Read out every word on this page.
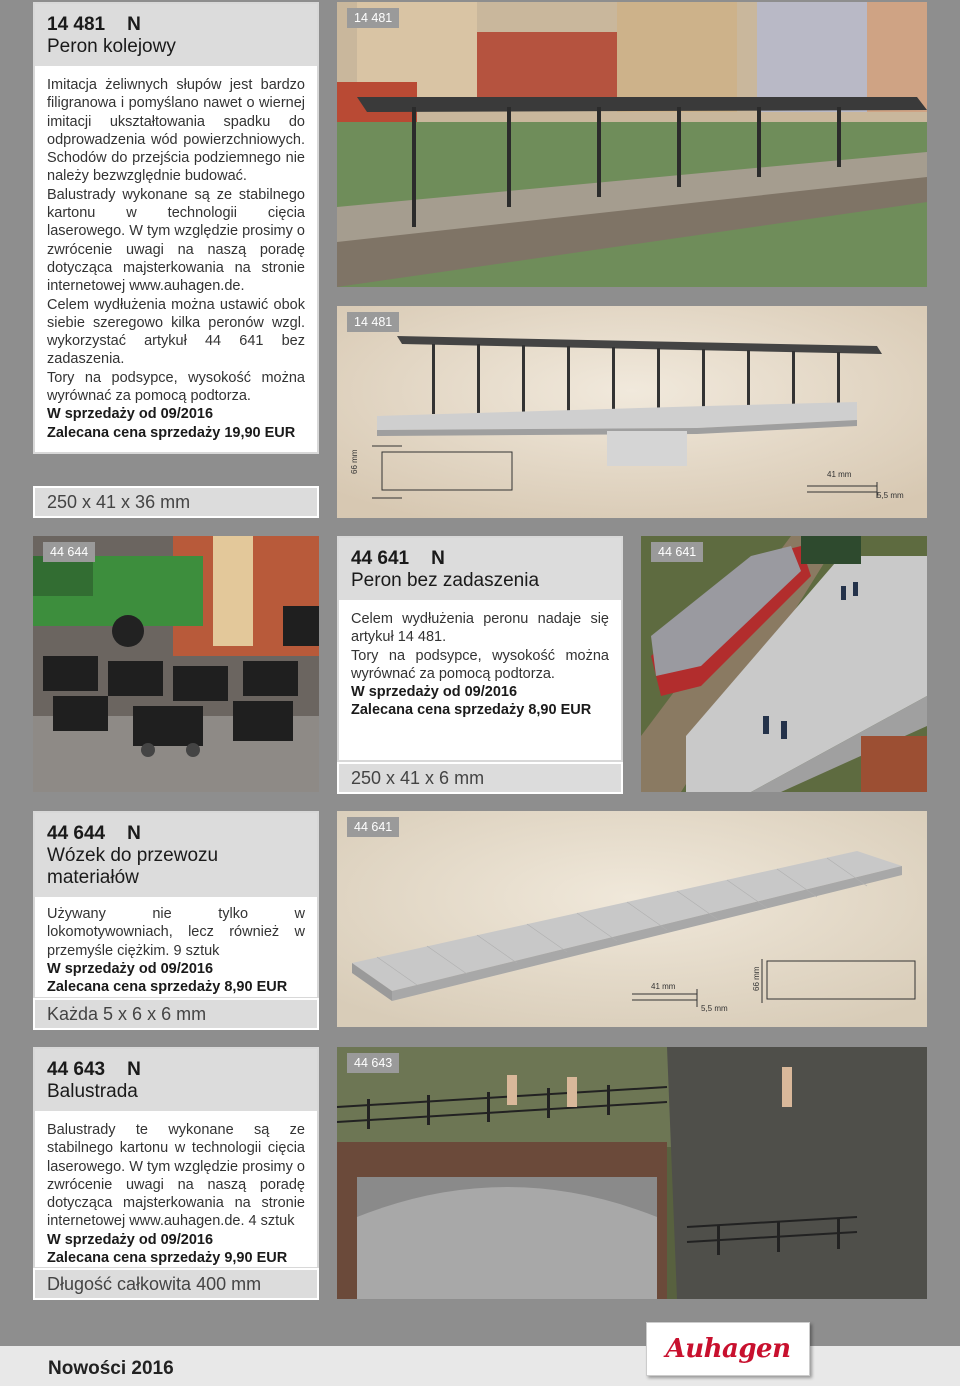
14 481 N
Peron kolejowy

Imitacja żeliwnych słupów jest bardzo filigranowa i pomyślano nawet o wiernej imitacji ukształtowania spadku do odprowadzenia wód powierzchniowych. Schodów do przejścia podziemnego nie należy bezwzględnie budować.

Balustrady wykonane są ze stabilnego kartonu w technologii cięcia laserowego. W tym względzie prosimy o zwrócenie uwagi na naszą poradę dotycząca majsterkowania na stronie internetowej www.auhagen.de.

Celem wydłużenia można ustawić obok siebie szeregowo kilka peronów wzgl. wykorzystać artykuł 44 641 bez zadaszenia.

Tory na podsypce, wysokość można wyrównać za pomocą podtorza.

W sprzedaży od 09/2016

Zalecana cena sprzedaży 19,90 EUR

250 x 41 x 36 mm
14 481
66 mm
41 mm
5,5 mm
14 481
44 644	44 641 N
Peron bez zadaszenia

Celem wydłużenia peronu nadaje się artykuł 14 481.

Tory na podsypce, wysokość można wyrównać za pomocą podtorza.

W sprzedaży od 09/2016

Zalecana cena sprzedaży 8,90 EUR

250 x 41 x 6 mm
44 641
44 644 N
Wózek do przewozu materiałów

Używany nie tylko w lokomotywowniach, lecz również w przemyśle ciężkim. 9 sztuk

W sprzedaży od 09/2016

Zalecana cena sprzedaży 8,90 EUR

Każda 5 x 6 x 6 mm
41 mm
5,5 mm
66 mm
44 641
44 643 N
Balustrada

Balustrady te wykonane są ze stabilnego kartonu w technologii cięcia laserowego. W tym względzie prosimy o zwrócenie uwagi na naszą poradę dotycząca majsterkowania na stronie internetowej www.auhagen.de. 4 sztuk

W sprzedaży od 09/2016

Zalecana cena sprzedaży 9,90 EUR

Długość całkowita 400 mm
44 643
Nowości 2016
Auhagen
